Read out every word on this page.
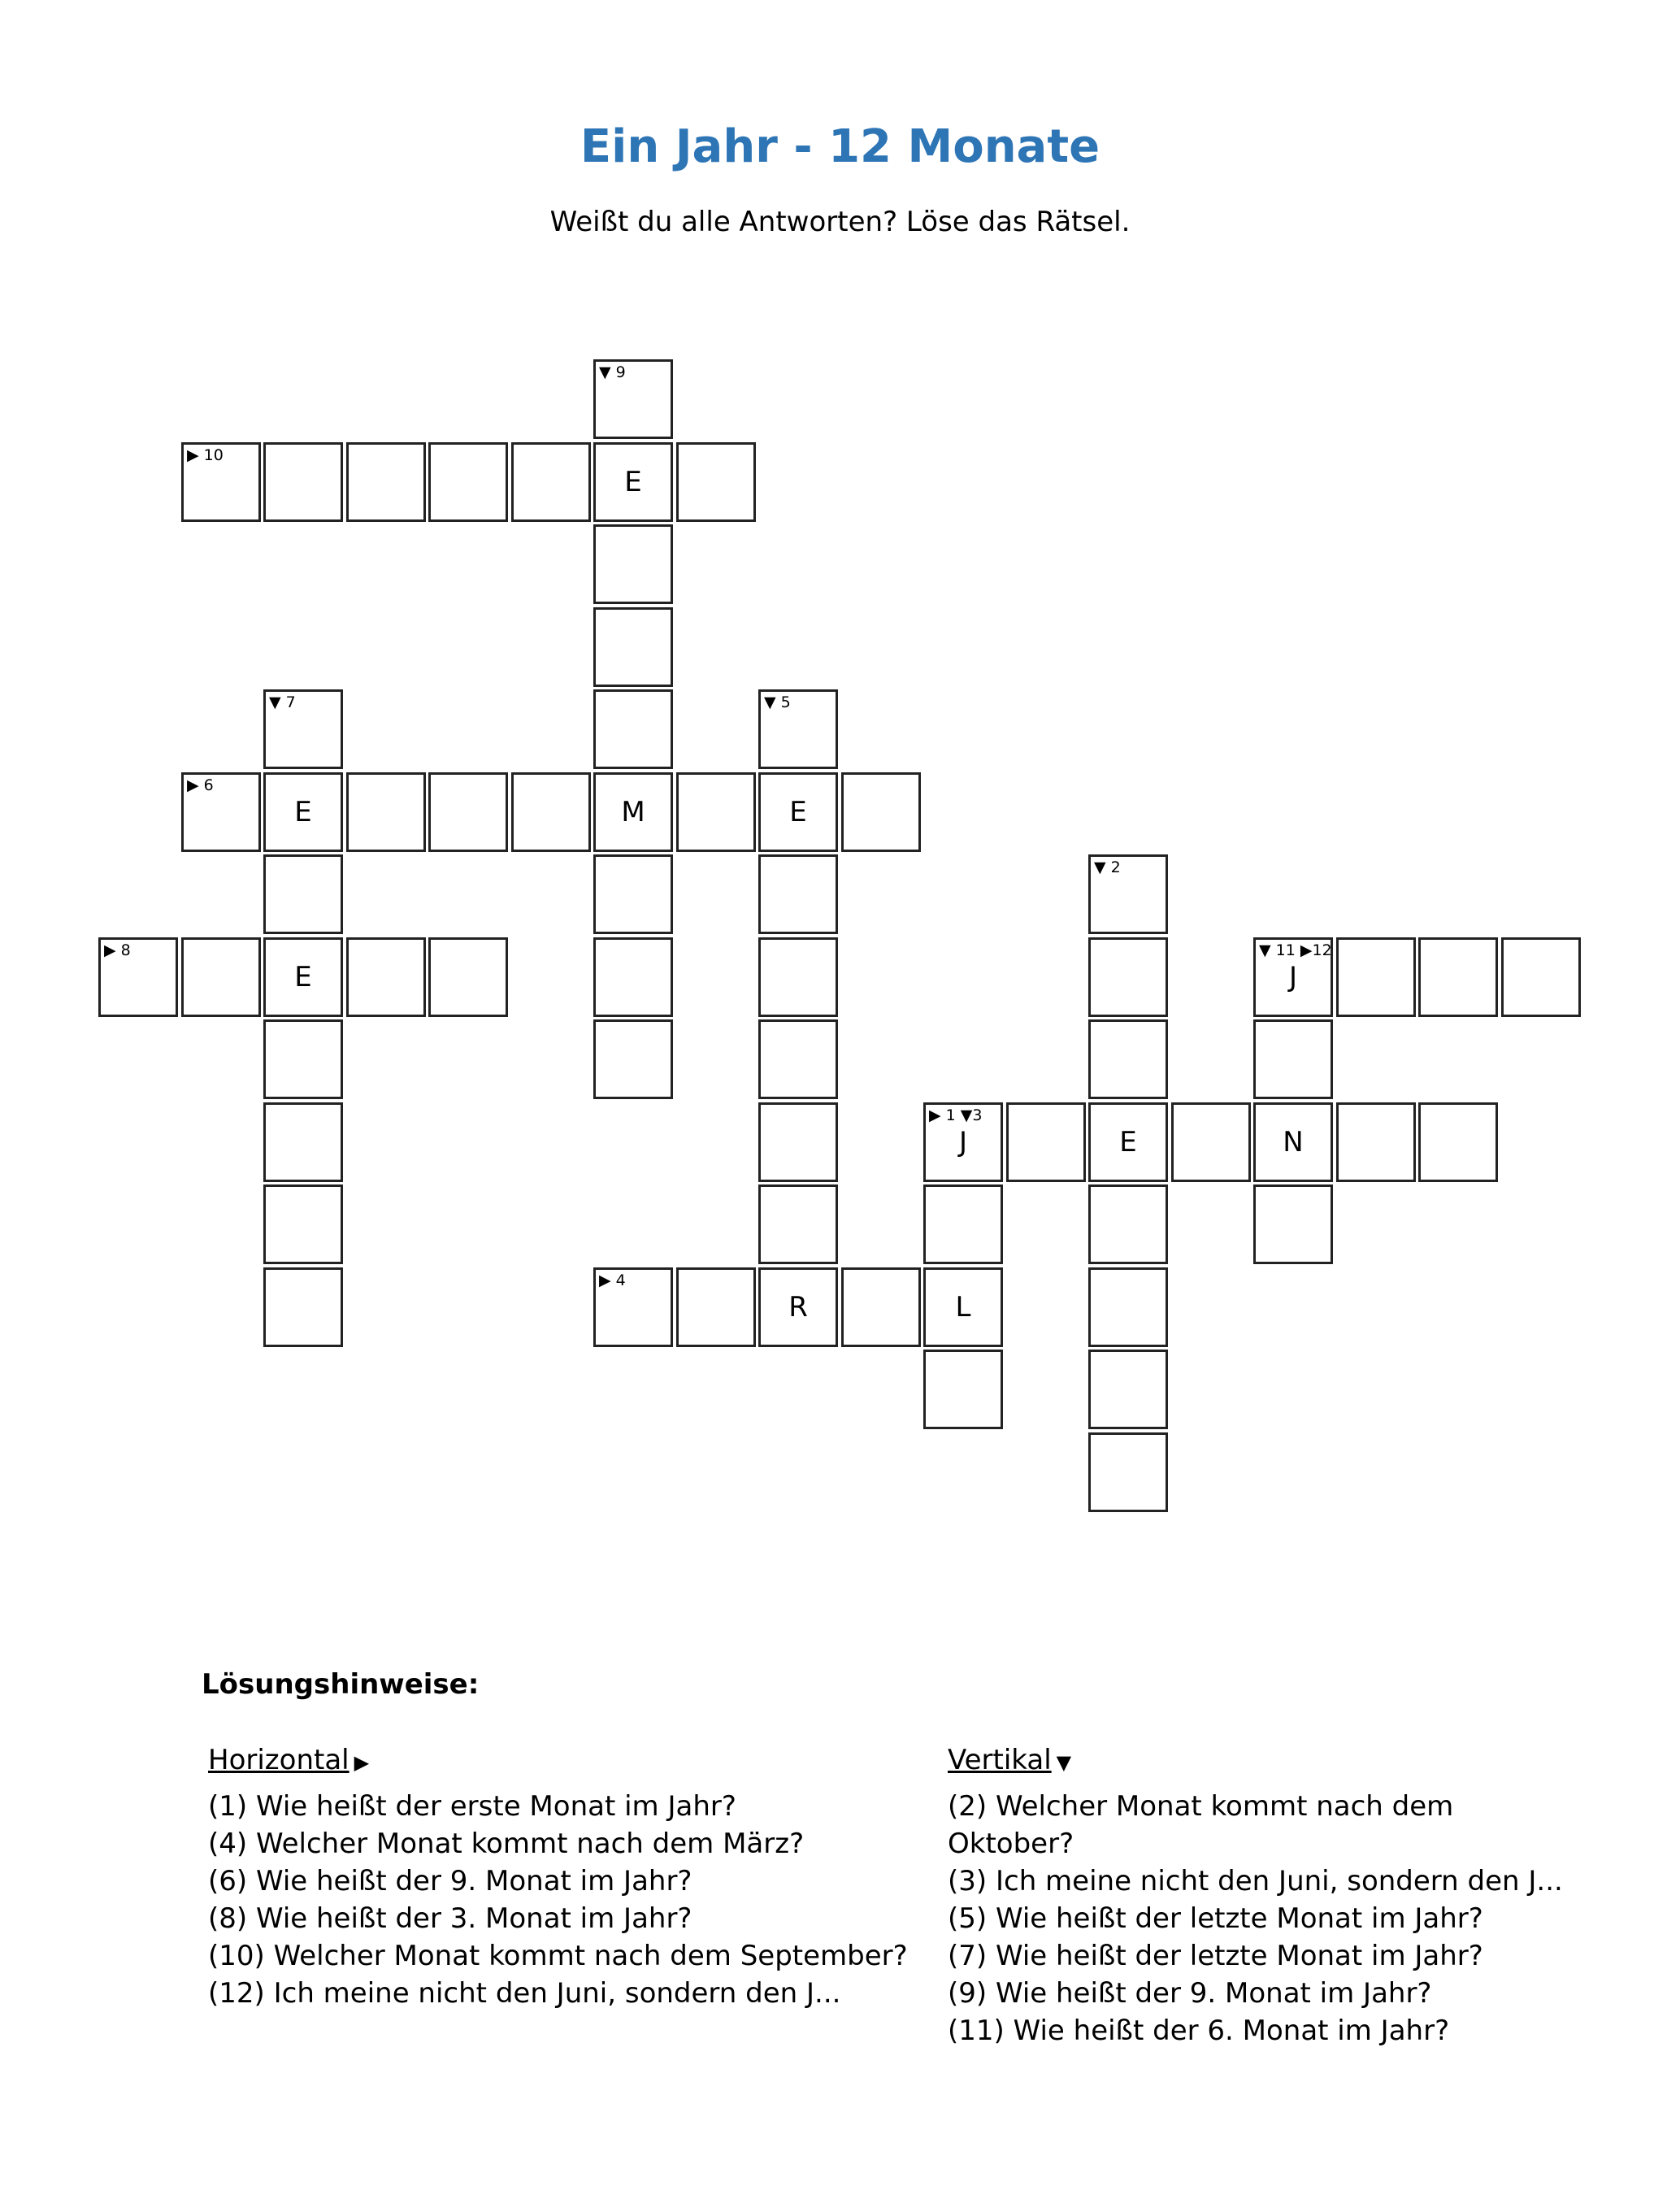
Ein Jahr - 12 Monate
Weißt du alle Antworten? Löse das Rätsel.
▼ 9
▶ 10
E
▼ 7	▼ 5
▶ 6
E	M	E
▼ 2
▶ 8
E
▼ 11 ▶12
J
▶ 1 ▼3
J	E	N
▶ 4
R	L
Lösungshinweise:
Horizontal ▶
(1) Wie heißt der erste Monat im Jahr?
(4) Welcher Monat kommt nach dem März?
(6) Wie heißt der 9. Monat im Jahr?
(8) Wie heißt der 3. Monat im Jahr?
(10) Welcher Monat kommt nach dem September?
(12) Ich meine nicht den Juni, sondern den J...
Vertikal ▼
(2) Welcher Monat kommt nach dem
Oktober?
(3) Ich meine nicht den Juni, sondern den J...
(5) Wie heißt der letzte Monat im Jahr?
(7) Wie heißt der letzte Monat im Jahr?
(9) Wie heißt der 9. Monat im Jahr?
(11) Wie heißt der 6. Monat im Jahr?
